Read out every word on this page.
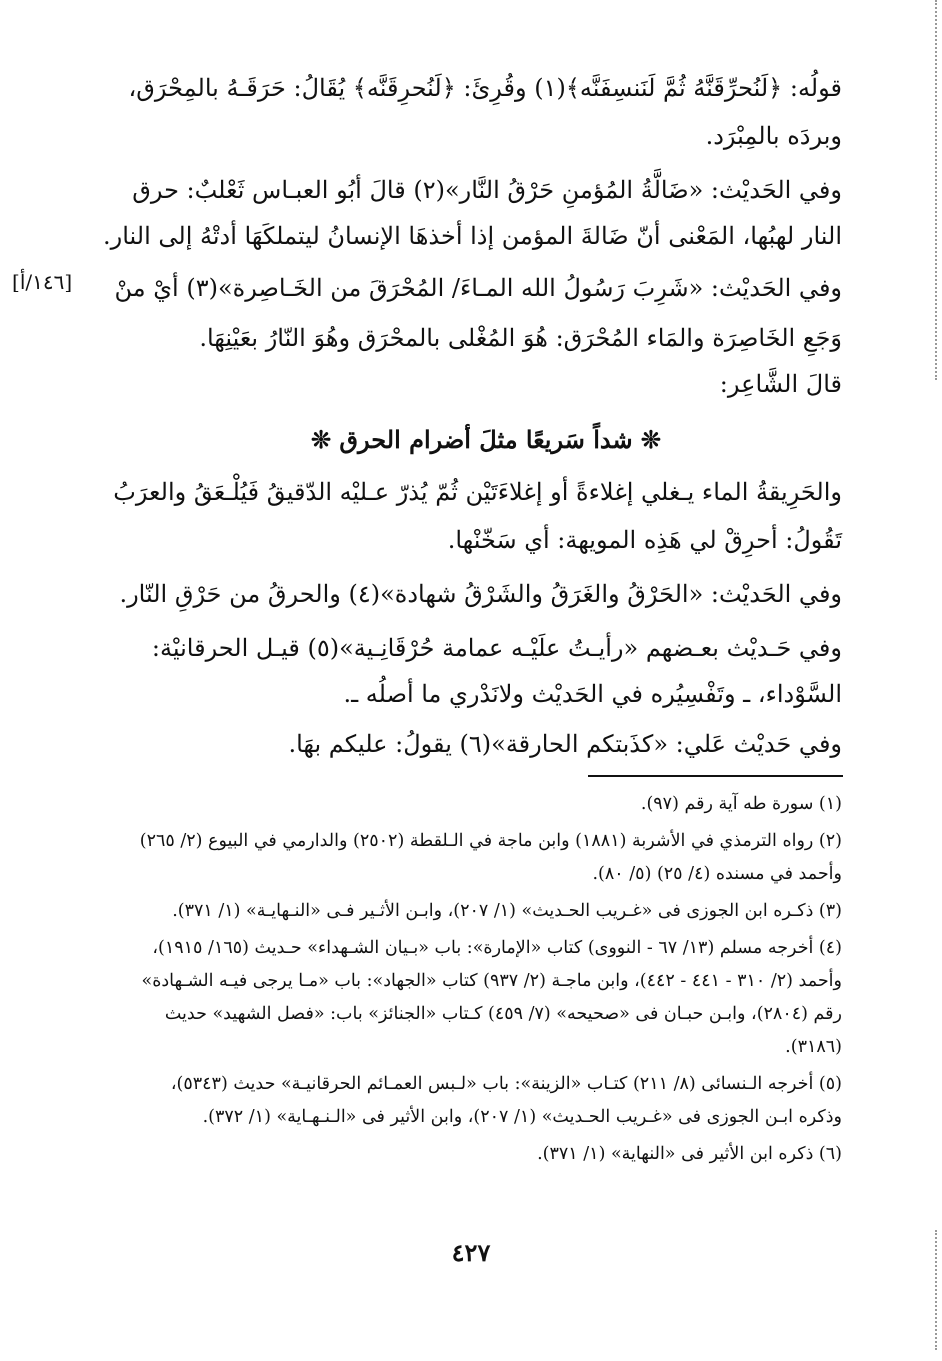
قولُه: ﴿لَنُحرِّقَنَّهُ ثُمَّ لَنَنسِفَنَّه﴾(١) وقُرِئَ: ﴿لَنُحرِقَنَّه﴾ يُقَالُ: حَرَقَـهُ بالمِحْرَق،
وبردَه بالمِبْرَد.
وفي الحَديْث: «ضَالَّةُ المُؤمنِ حَرْقُ النَّار»(٢) قالَ أبُو العبـاس ثَعْلبٌ: حرق
النار لهبُها، المَعْنى أنّ ضَالةَ المؤمن إذا أخذهَا الإنسانُ ليتملكَهَا أدتْهُ إلى النار.
وفي الحَديْث: «شَرِبَ رَسُولُ الله المـاءَ/ المُحْرَقَ من الخَـاصِرة»(٣) أيْ منْ
[١٤٦/أ]
وَجَعِ الخَاصِرَة والمَاء المُحْرَق: هُوَ المُغْلى بالمحْرَق وهُوَ النّارُ بعَيْنِهَا.
قالَ الشَّاعِر:
❊ شداً سَريعًا مثلَ أضرام الحرق ❊
والحَرِيقةُ الماء يـغلي إغلاءةً أو إغلاءَتَيْن ثُمّ يُذرّ عـليْه الدّقيقُ فَيُلْـعَقُ والعرَبُ
تَقُولُ: أحرِقْ لي هَذِه المويهة: أي سَخّنْها.
وفي الحَديْث: «الحَرْقُ والغَرَقُ والشَرْقُ شهادة»(٤) والحرقُ من حَرْقِ النّار.
وفي حَـديْث بعـضهم «رأيـتُ علَيْـه عمامة حُرْقَانِـية»(٥) قيـل الحرقانيْة:
السَّوْداء، ـ وتَفْسِيُره في الحَديْث ولانَدْري ما أصلُه ـ.
وفي حَديْث عَلي: «كذَبتكم الحارقة»(٦) يقولُ: عليكم بهَا.

(١) سورة طه آية رقم (٩٧).

(٢) رواه الترمذي في الأشربة (١٨٨١) وابن ماجة في الـلقطة (٢٥٠٢) والدارمي في البيوع (٢/ ٢٦٥) وأحمد في مسنده (٤/ ٢٥) (٥/ ٨٠).

(٣) ذكـره ابن الجوزى فى «غـريب الحـديث» (١/ ٢٠٧)، وابـن الأثـير فـى «النـهايـة» (١/ ٣٧١).

(٤) أخرجه مسلم (١٣/ ٦٧ - النووى) كتاب «الإمارة»: باب «بـيان الشـهداء» حـديث (١٦٥/ ١٩١٥)، وأحمد (٢/ ٣١٠ - ٤٤١ - ٤٤٢)، وابن ماجـة (٢/ ٩٣٧) كتاب «الجهاد»: باب «مـا يرجى فيـه الشـهادة» رقم (٢٨٠٤)، وابـن حبـان فى «صحيحه» (٧/ ٤٥٩) كـتاب «الجنائز» باب: «فصل الشهيد» حديث (٣١٨٦).

(٥) أخرجه الـنسائى (٨/ ٢١١) كتـاب «الزينة»: باب «لـبس العمـائم الحرقانيـة» حديث (٥٣٤٣)، وذكره ابـن الجوزى فى «غـريب الحـديث» (١/ ٢٠٧)، وابن الأثير فى «الـنـهـاية» (١/ ٣٧٢).

(٦) ذكره ابن الأثير فى «النهاية» (١/ ٣٧١).

٤٢٧
